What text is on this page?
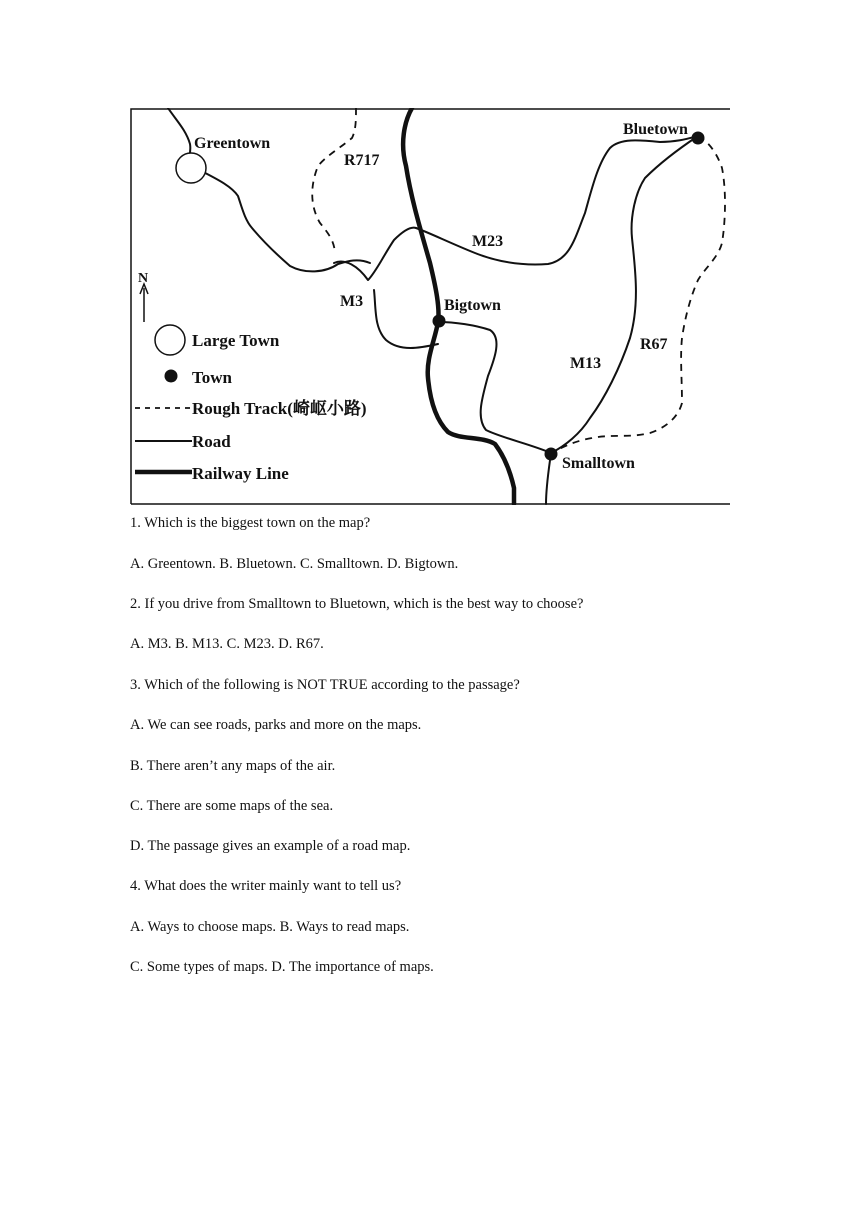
Greentown
Bluetown
Bigtown
Smalltown
R717
M23
M3
M13
R67
N
Large Town
Town
Rough Track(崎岖小路)
Road
Railway Line
1. Which is the biggest town on the map?
A. Greentown. B. Bluetown. C. Smalltown. D. Bigtown.
2. If you drive from Smalltown to Bluetown, which is the best way to choose?
A. M3. B. M13. C. M23. D. R67.
3. Which of the following is NOT TRUE according to the passage?
A. We can see roads, parks and more on the maps.
B. There aren’t any maps of the air.
C. There are some maps of the sea.
D. The passage gives an example of a road map.
4. What does the writer mainly want to tell us?
A. Ways to choose maps. B. Ways to read maps.
C. Some types of maps. D. The importance of maps.
